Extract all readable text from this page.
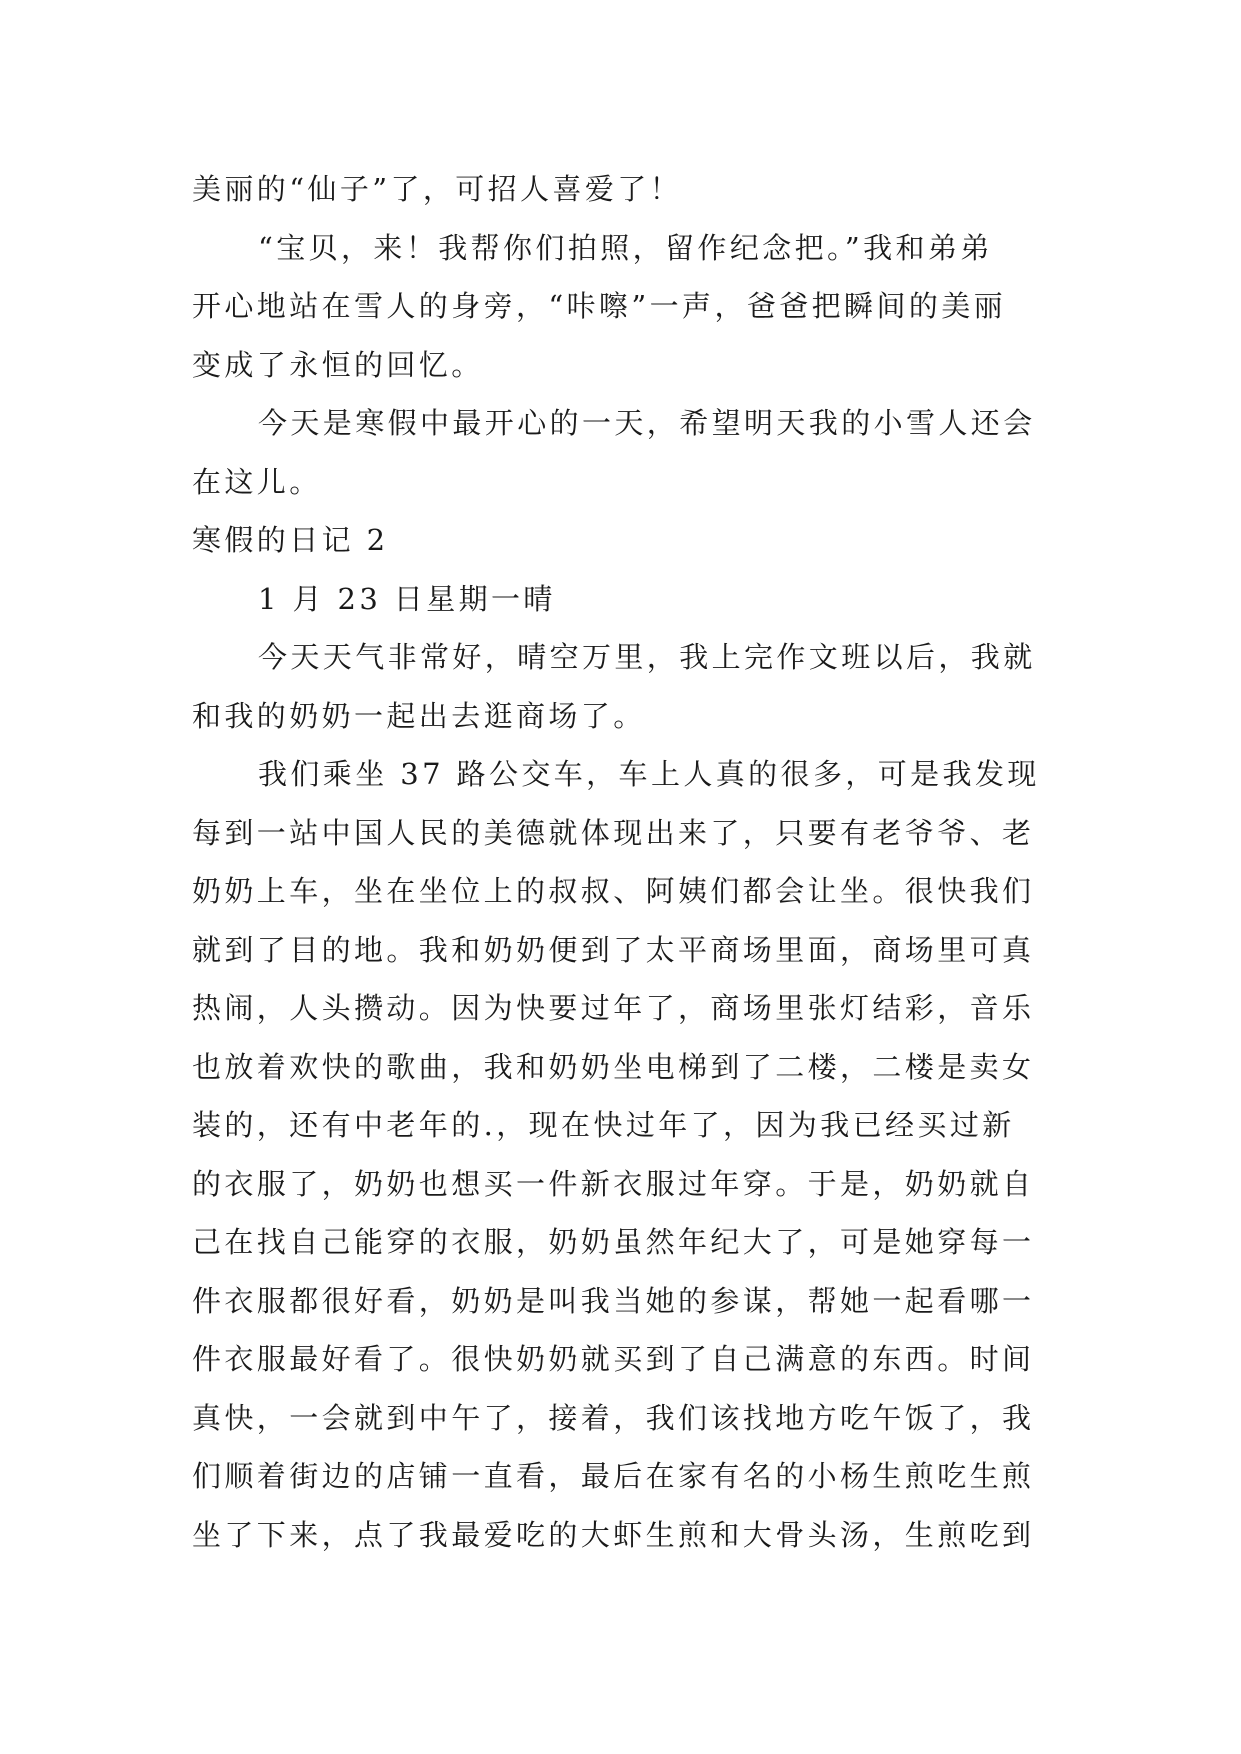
美丽的“仙子”了，可招人喜爱了！
“宝贝，来！我帮你们拍照，留作纪念把。”我和弟弟
开心地站在雪人的身旁，“咔嚓”一声，爸爸把瞬间的美丽
变成了永恒的回忆。
今天是寒假中最开心的一天，希望明天我的小雪人还会
在这儿。
寒假的日记 2
1 月 23 日星期一晴
今天天气非常好，晴空万里，我上完作文班以后，我就
和我的奶奶一起出去逛商场了。
我们乘坐 37 路公交车，车上人真的很多，可是我发现
每到一站中国人民的美德就体现出来了，只要有老爷爷、老
奶奶上车，坐在坐位上的叔叔、阿姨们都会让坐。很快我们
就到了目的地。我和奶奶便到了太平商场里面，商场里可真
热闹，人头攒动。因为快要过年了，商场里张灯结彩，音乐
也放着欢快的歌曲，我和奶奶坐电梯到了二楼，二楼是卖女
装的，还有中老年的.，现在快过年了，因为我已经买过新
的衣服了，奶奶也想买一件新衣服过年穿。于是，奶奶就自
己在找自己能穿的衣服，奶奶虽然年纪大了，可是她穿每一
件衣服都很好看，奶奶是叫我当她的参谋，帮她一起看哪一
件衣服最好看了。很快奶奶就买到了自己满意的东西。时间
真快，一会就到中午了，接着，我们该找地方吃午饭了，我
们顺着街边的店铺一直看，最后在家有名的小杨生煎吃生煎
坐了下来，点了我最爱吃的大虾生煎和大骨头汤，生煎吃到
